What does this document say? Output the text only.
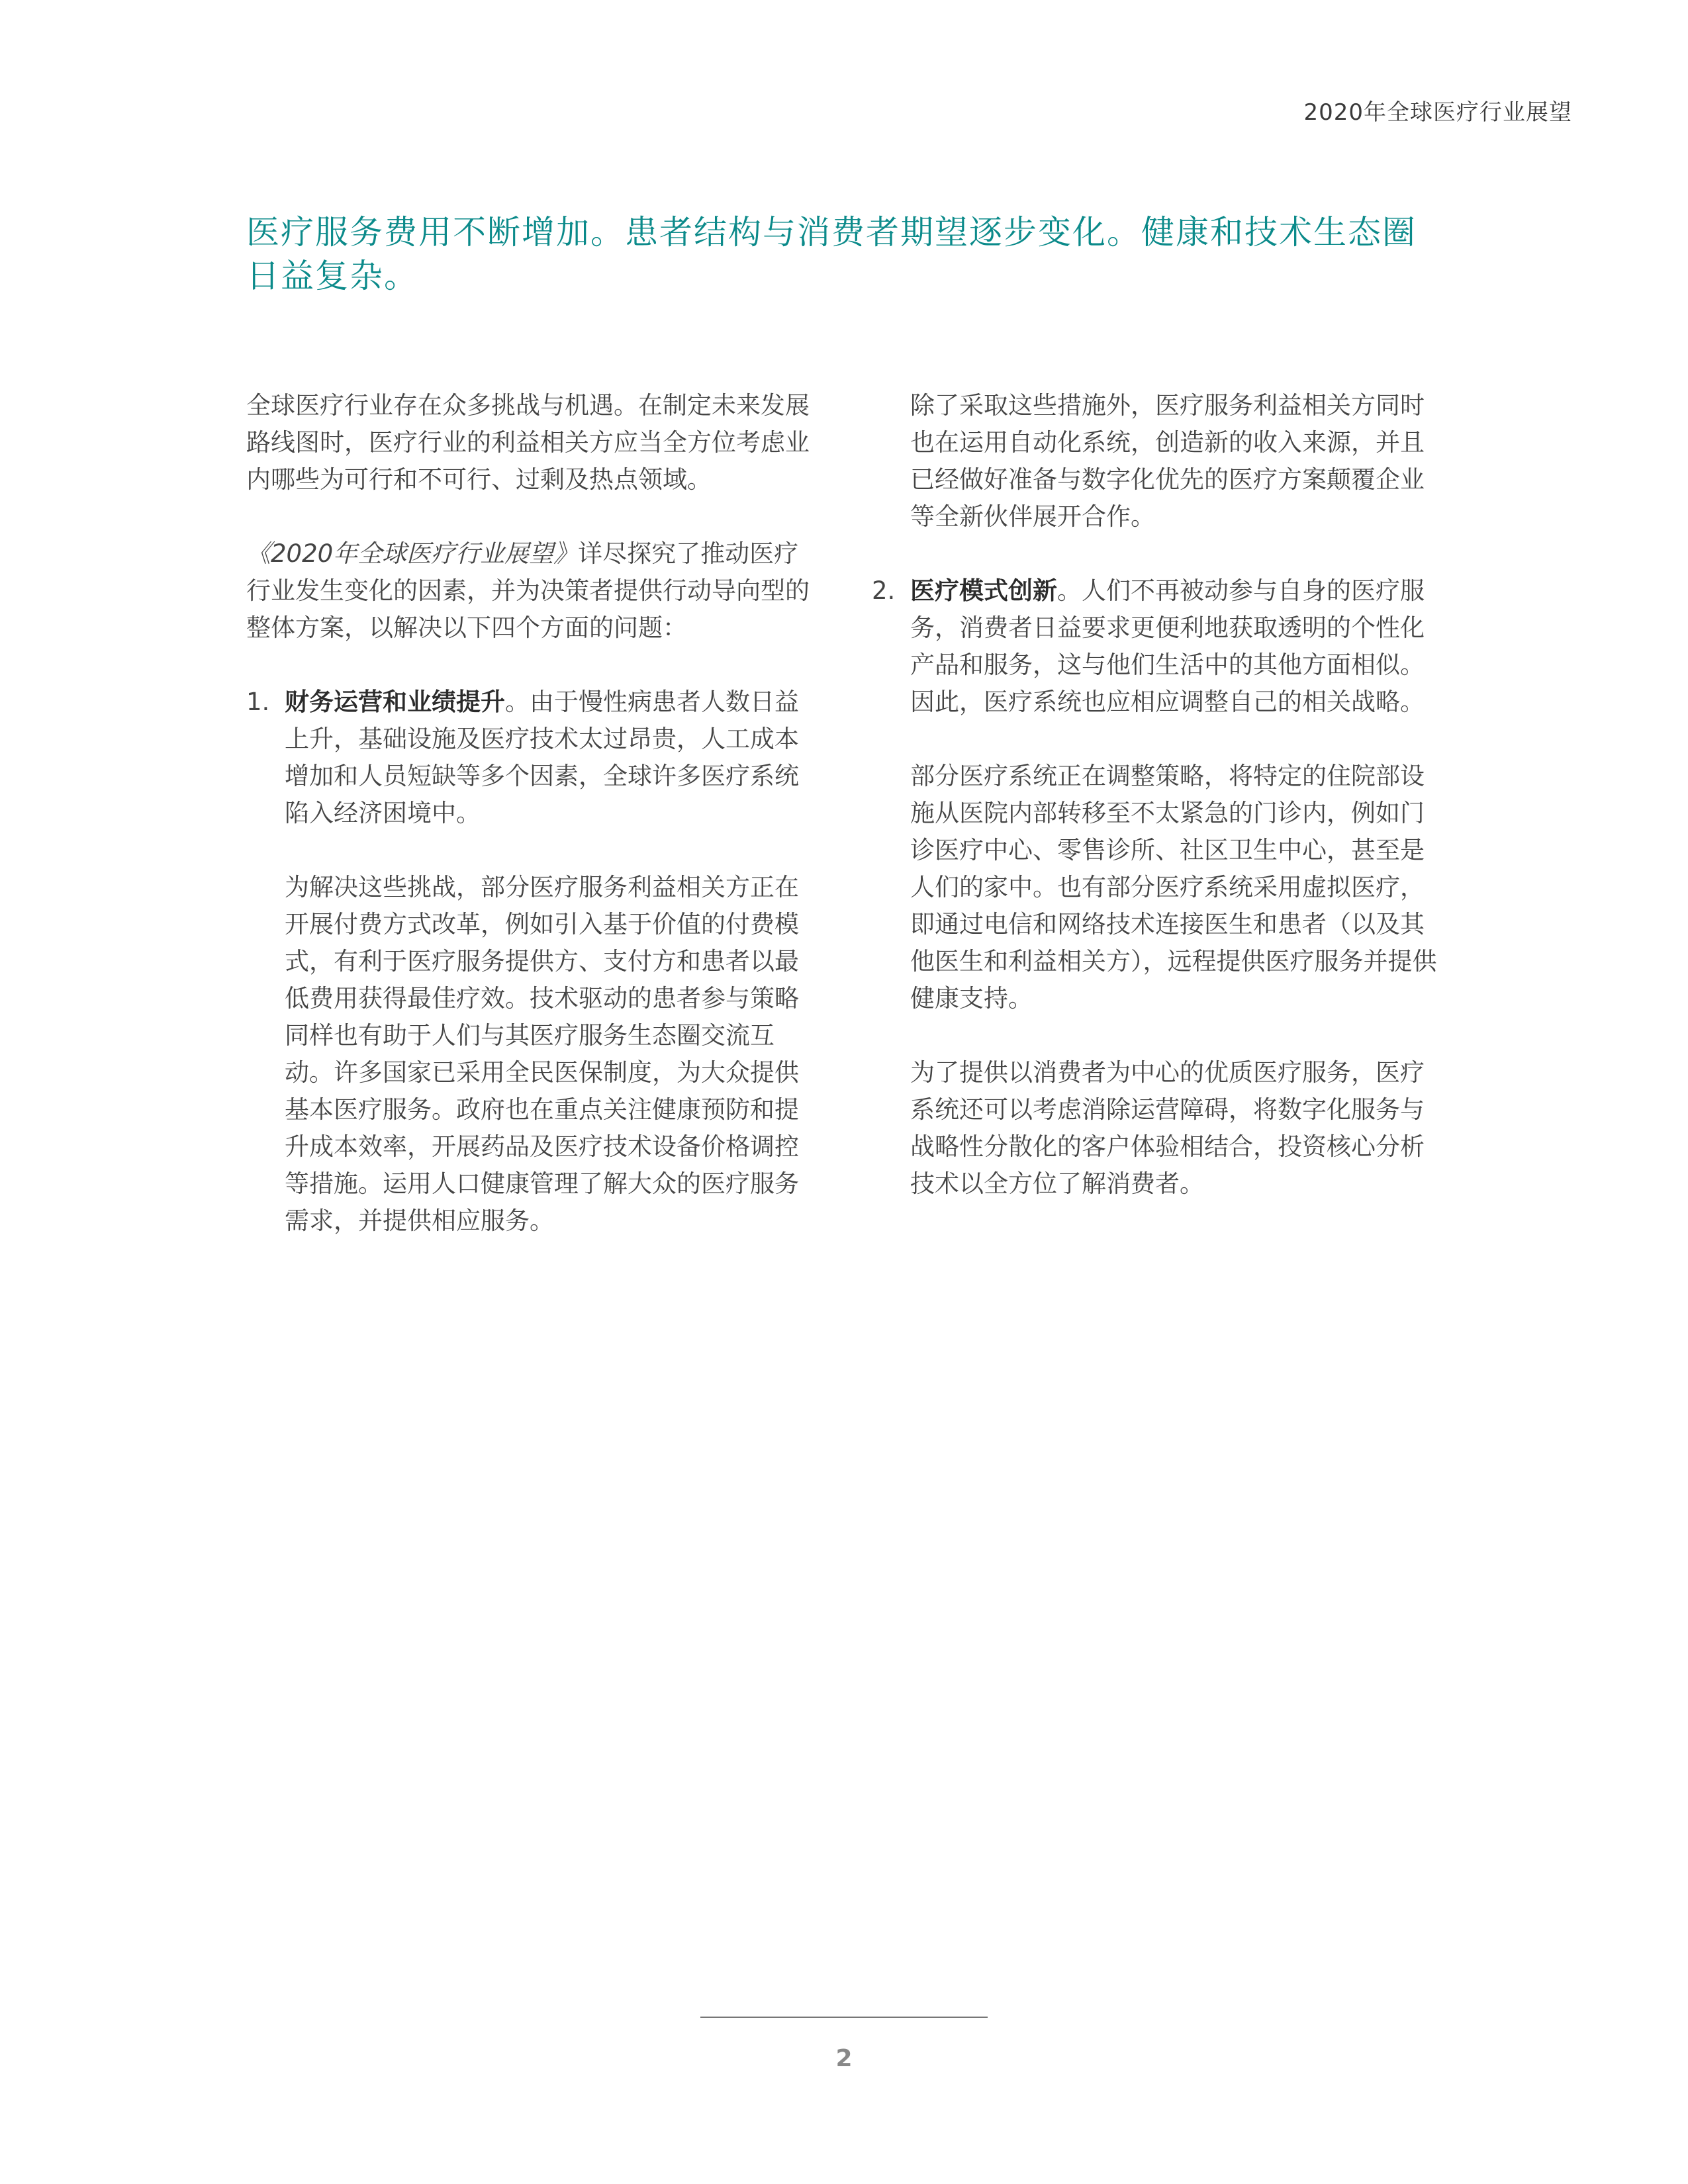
2020年全球医疗行业展望
医疗服务费用不断增加。患者结构与消费者期望逐步变化。健康和技术生态圈日益复杂。

全球医疗行业存在众多挑战与机遇。在制定未来发展路线图时，医疗行业的利益相关方应当全方位考虑业内哪些为可行和不可行、过剩及热点领域。

《2020年全球医疗行业展望》详尽探究了推动医疗行业发生变化的因素，并为决策者提供行动导向型的整体方案，以解决以下四个方面的问题：

1. 财务运营和业绩提升。由于慢性病患者人数日益上升，基础设施及医疗技术太过昂贵，人工成本增加和人员短缺等多个因素，全球许多医疗系统陷入经济困境中。

为解决这些挑战，部分医疗服务利益相关方正在开展付费方式改革，例如引入基于价值的付费模式，有利于医疗服务提供方、支付方和患者以最低费用获得最佳疗效。技术驱动的患者参与策略同样也有助于人们与其医疗服务生态圈交流互动。许多国家已采用全民医保制度，为大众提供基本医疗服务。政府也在重点关注健康预防和提升成本效率，开展药品及医疗技术设备价格调控等措施。运用人口健康管理了解大众的医疗服务需求，并提供相应服务。

除了采取这些措施外，医疗服务利益相关方同时也在运用自动化系统，创造新的收入来源，并且已经做好准备与数字化优先的医疗方案颠覆企业等全新伙伴展开合作。

2. 医疗模式创新。人们不再被动参与自身的医疗服务，消费者日益要求更便利地获取透明的个性化产品和服务，这与他们生活中的其他方面相似。因此，医疗系统也应相应调整自己的相关战略。

部分医疗系统正在调整策略，将特定的住院部设施从医院内部转移至不太紧急的门诊内，例如门诊医疗中心、零售诊所、社区卫生中心，甚至是人们的家中。也有部分医疗系统采用虚拟医疗，即通过电信和网络技术连接医生和患者（以及其他医生和利益相关方），远程提供医疗服务并提供健康支持。

为了提供以消费者为中心的优质医疗服务，医疗系统还可以考虑消除运营障碍，将数字化服务与战略性分散化的客户体验相结合，投资核心分析技术以全方位了解消费者。

2
